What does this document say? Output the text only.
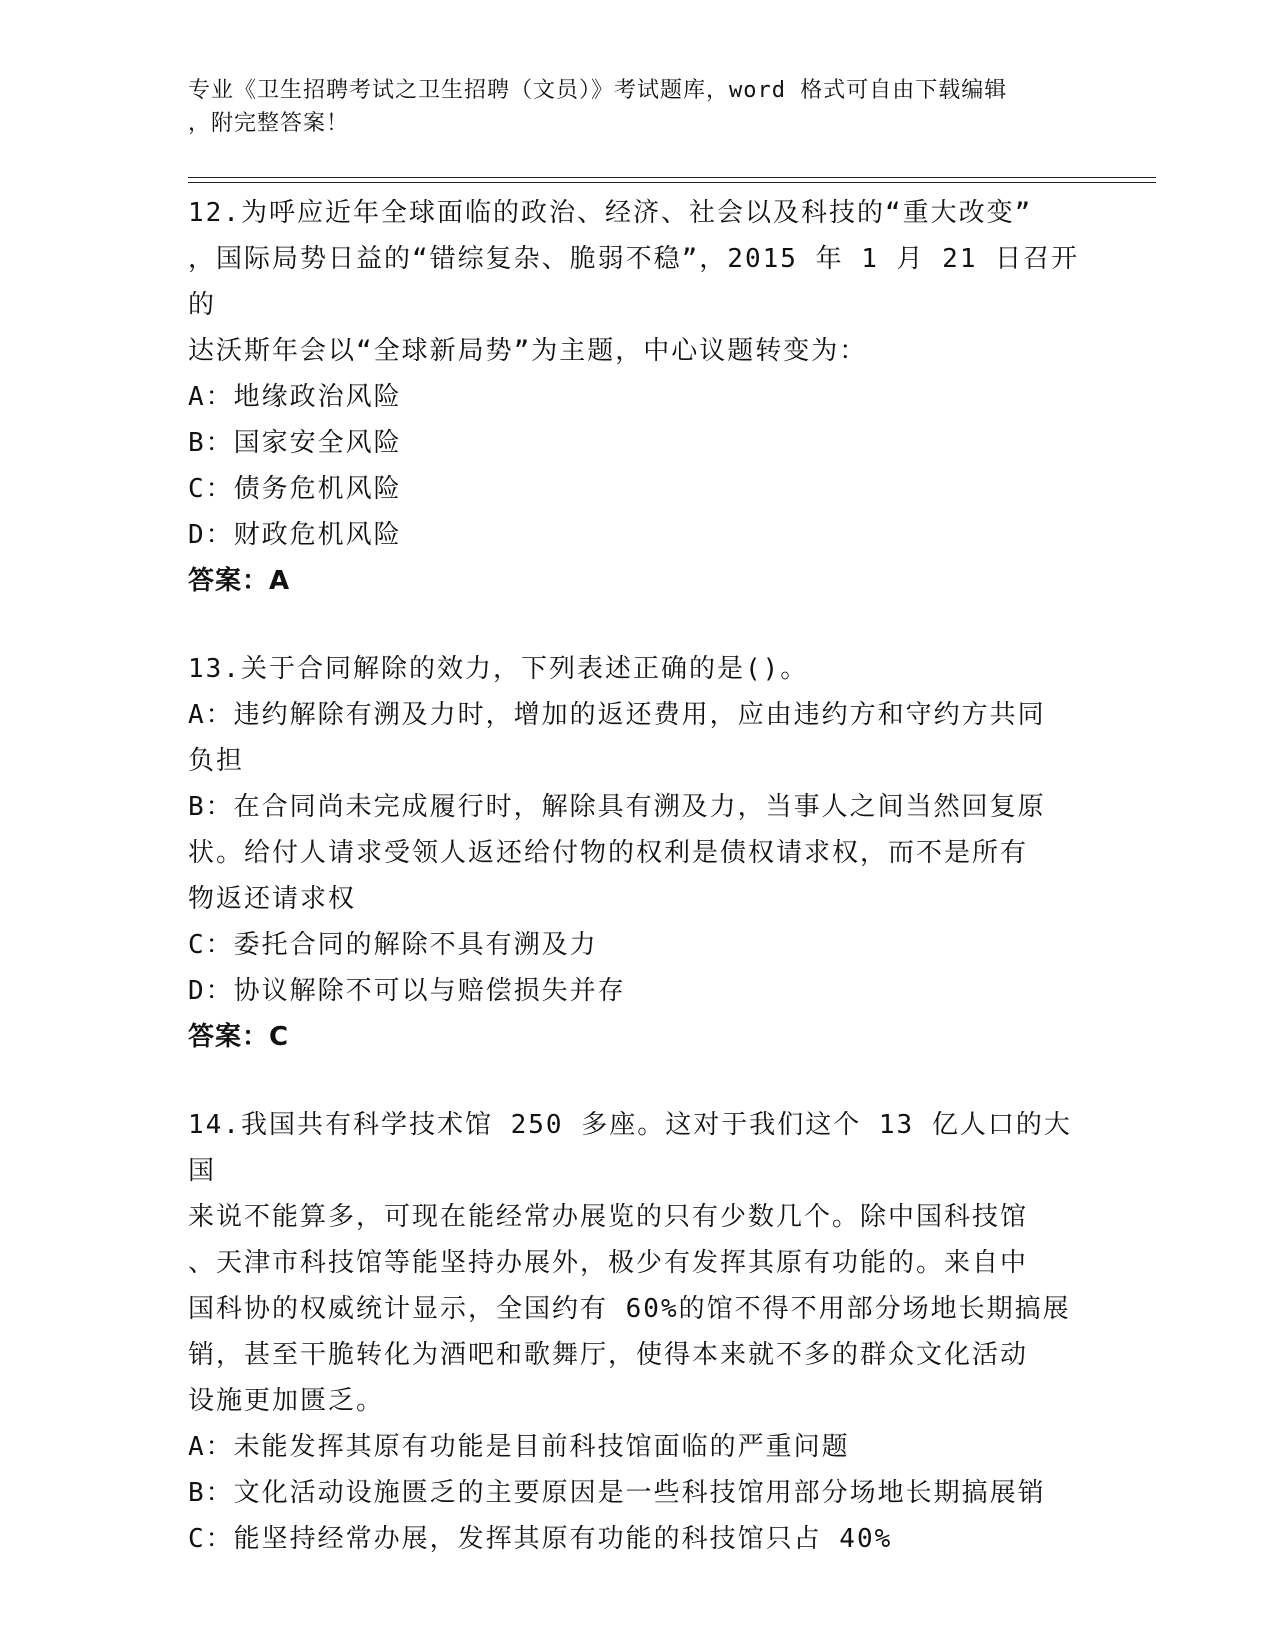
专业《卫生招聘考试之卫生招聘（文员）》考试题库，word 格式可自由下载编辑
，附完整答案！
12.为呼应近年全球面临的政治、经济、社会以及科技的“重大改变”
，国际局势日益的“错综复杂、脆弱不稳”，2015 年 1 月 21 日召开的
达沃斯年会以“全球新局势”为主题，中心议题转变为：
A：地缘政治风险
B：国家安全风险
C：债务危机风险
D：财政危机风险
答案：A
13.关于合同解除的效力，下列表述正确的是()。
A：违约解除有溯及力时，增加的返还费用，应由违约方和守约方共同
负担
B：在合同尚未完成履行时，解除具有溯及力，当事人之间当然回复原
状。给付人请求受领人返还给付物的权利是债权请求权，而不是所有
物返还请求权
C：委托合同的解除不具有溯及力
D：协议解除不可以与赔偿损失并存
答案：C
14.我国共有科学技术馆 250 多座。这对于我们这个 13 亿人口的大国
来说不能算多，可现在能经常办展览的只有少数几个。除中国科技馆
、天津市科技馆等能坚持办展外，极少有发挥其原有功能的。来自中
国科协的权威统计显示，全国约有 60%的馆不得不用部分场地长期搞展
销，甚至干脆转化为酒吧和歌舞厅，使得本来就不多的群众文化活动
设施更加匮乏。
A：未能发挥其原有功能是目前科技馆面临的严重问题
B：文化活动设施匮乏的主要原因是一些科技馆用部分场地长期搞展销
C：能坚持经常办展，发挥其原有功能的科技馆只占 40%
